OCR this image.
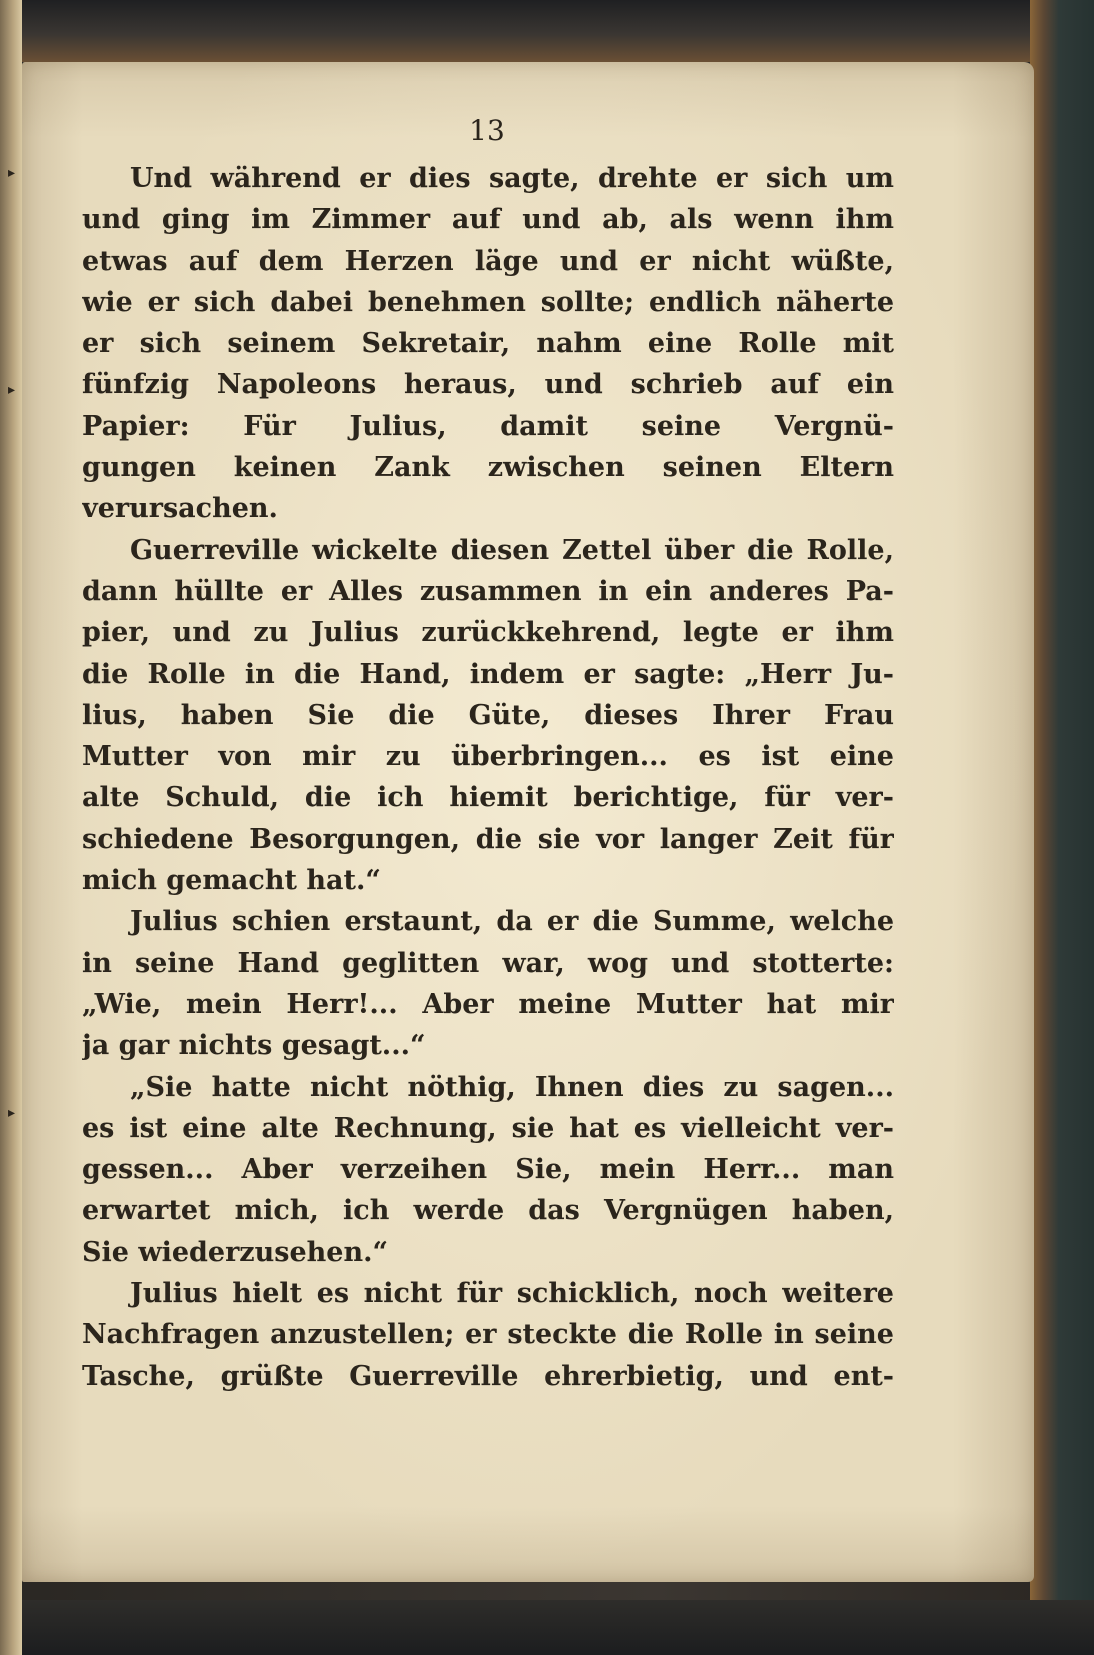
13
Und während er dies sagte, drehte er sich um
und ging im Zimmer auf und ab, als wenn ihm
etwas auf dem Herzen läge und er nicht wüßte,
wie er sich dabei benehmen sollte; endlich näherte
er sich seinem Sekretair, nahm eine Rolle mit
fünfzig Napoleons heraus, und schrieb auf ein
Papier: Für Julius, damit seine Vergnü-
gungen keinen Zank zwischen seinen Eltern
verursachen.
Guerreville wickelte diesen Zettel über die Rolle,
dann hüllte er Alles zusammen in ein anderes Pa-
pier, und zu Julius zurückkehrend, legte er ihm
die Rolle in die Hand, indem er sagte: „Herr Ju-
lius, haben Sie die Güte, dieses Ihrer Frau
Mutter von mir zu überbringen... es ist eine
alte Schuld, die ich hiemit berichtige, für ver-
schiedene Besorgungen, die sie vor langer Zeit für
mich gemacht hat.“
Julius schien erstaunt, da er die Summe, welche
in seine Hand geglitten war, wog und stotterte:
„Wie, mein Herr!... Aber meine Mutter hat mir
ja gar nichts gesagt...“
„Sie hatte nicht nöthig, Ihnen dies zu sagen...
es ist eine alte Rechnung, sie hat es vielleicht ver-
gessen... Aber verzeihen Sie, mein Herr... man
erwartet mich, ich werde das Vergnügen haben,
Sie wiederzusehen.“
Julius hielt es nicht für schicklich, noch weitere
Nachfragen anzustellen; er steckte die Rolle in seine
Tasche, grüßte Guerreville ehrerbietig, und ent-
▸
▸
▸
